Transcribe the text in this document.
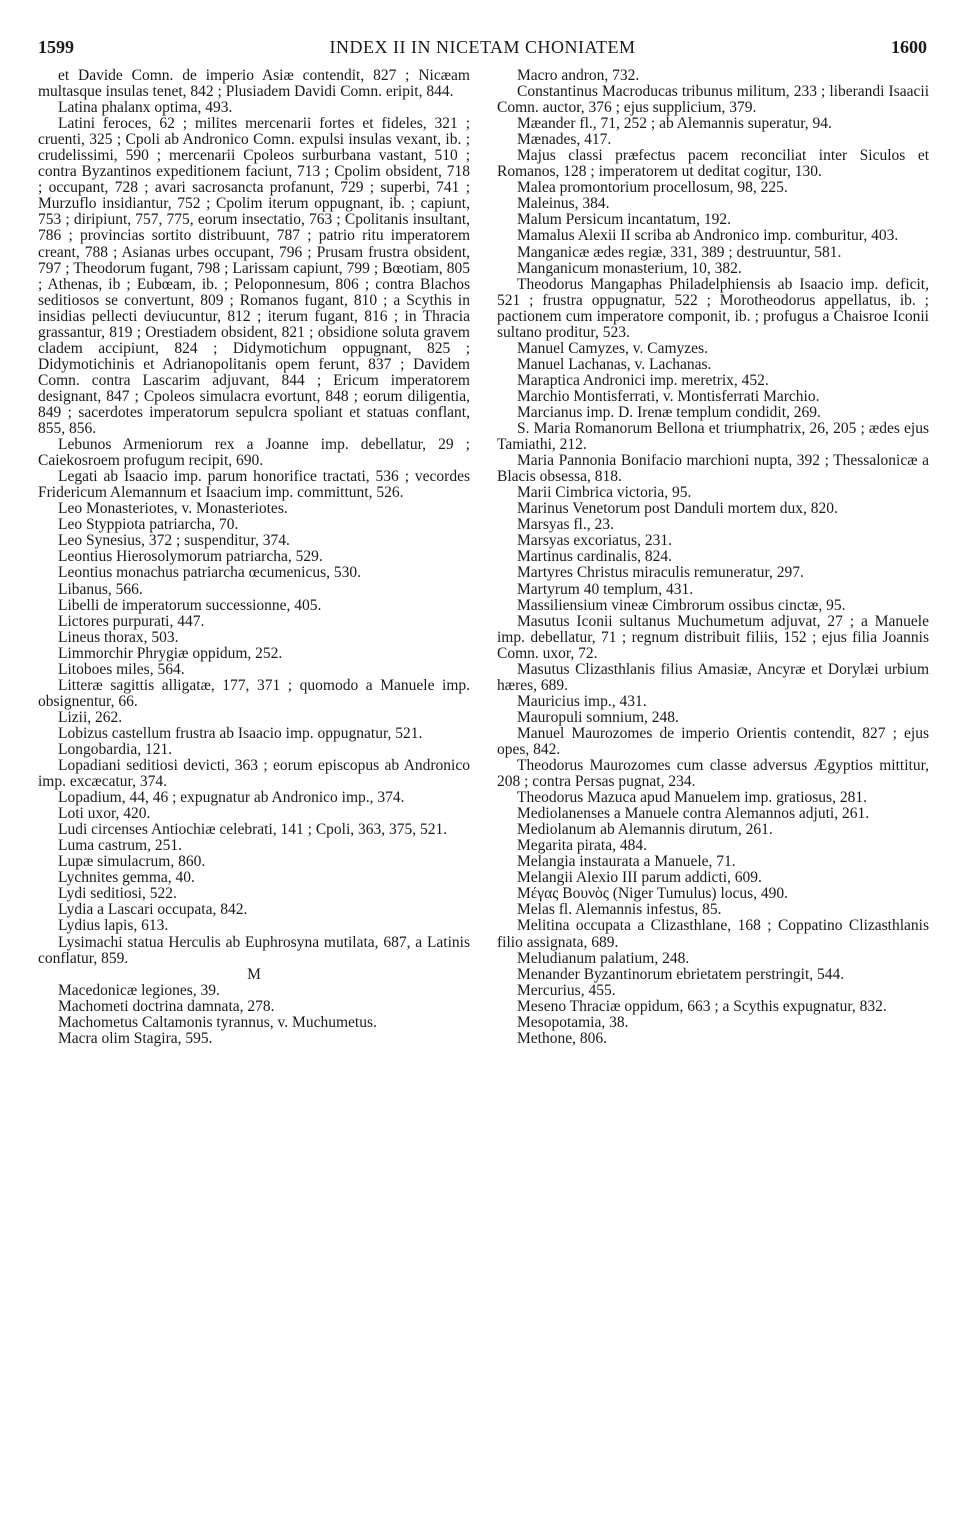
1599	INDEX II IN NICETAM CHONIATEM	1600

et Davide Comn. de imperio Asiæ contendit, 827 ; Nicæam multasque insulas tenet, 842 ; Plusiadem Davidi Comn. eripit, 844.

Latina phalanx optima, 493.

Latini feroces, 62 ; milites mercenarii fortes et fideles, 321 ; cruenti, 325 ; Cpoli ab Andronico Comn. expulsi insulas vexant, ib. ; crudelissimi, 590 ; mercenarii Cpoleos surburbana vastant, 510 ; contra Byzantinos expeditionem faciunt, 713 ; Cpolim obsident, 718 ; occupant, 728 ; avari sacrosancta profanunt, 729 ; superbi, 741 ; Murzuflo insidiantur, 752 ; Cpolim iterum oppugnant, ib. ; capiunt, 753 ; diripiunt, 757, 775, eorum insectatio, 763 ; Cpolitanis insultant, 786 ; provincias sortito distribuunt, 787 ; patrio ritu imperatorem creant, 788 ; Asianas urbes occupant, 796 ; Prusam frustra obsident, 797 ; Theodorum fugant, 798 ; Larissam capiunt, 799 ; Bœotiam, 805 ; Athenas, ib ; Eubœam, ib. ; Peloponnesum, 806 ; contra Blachos seditiosos se convertunt, 809 ; Romanos fugant, 810 ; a Scythis in insidias pellecti deviucuntur, 812 ; iterum fugant, 816 ; in Thracia grassantur, 819 ; Orestiadem obsident, 821 ; obsidione soluta gravem cladem accipiunt, 824 ; Didymotichum oppugnant, 825 ; Didymotichinis et Adrianopolitanis opem ferunt, 837 ; Davidem Comn. contra Lascarim adjuvant, 844 ; Ericum imperatorem designant, 847 ; Cpoleos simulacra evortunt, 848 ; eorum diligentia, 849 ; sacerdotes imperatorum sepulcra spoliant et statuas conflant, 855, 856.

Lebunos Armeniorum rex a Joanne imp. debellatur, 29 ; Caiekosroem profugum recipit, 690.

Legati ab Isaacio imp. parum honorifice tractati, 536 ; vecordes Fridericum Alemannum et Isaacium imp. committunt, 526.

Leo Monasteriotes, v. Monasteriotes.

Leo Styppiota patriarcha, 70.

Leo Synesius, 372 ; suspenditur, 374.

Leontius Hierosolymorum patriarcha, 529.

Leontius monachus patriarcha œcumenicus, 530.

Libanus, 566.

Libelli de imperatorum successionne, 405.

Lictores purpurati, 447.

Lineus thorax, 503.

Limmorchir Phrygiæ oppidum, 252.

Litoboes miles, 564.

Litteræ sagittis alligatæ, 177, 371 ; quomodo a Manuele imp. obsignentur, 66.

Lizii, 262.

Lobizus castellum frustra ab Isaacio imp. oppugnatur, 521.

Longobardia, 121.

Lopadiani seditiosi devicti, 363 ; eorum episcopus ab Andronico imp. excæcatur, 374.

Lopadium, 44, 46 ; expugnatur ab Andronico imp., 374.

Loti uxor, 420.

Ludi circenses Antiochiæ celebrati, 141 ; Cpoli, 363, 375, 521.

Luma castrum, 251.

Lupæ simulacrum, 860.

Lychnites gemma, 40.

Lydi seditiosi, 522.

Lydia a Lascari occupata, 842.

Lydius lapis, 613.

Lysimachi statua Herculis ab Euphrosyna mutilata, 687, a Latinis conflatur, 859.

M

Macedonicæ legiones, 39.

Machometi doctrina damnata, 278.

Machometus Caltamonis tyrannus, v. Muchumetus.

Macra olim Stagira, 595.

Macro andron, 732.

Constantinus Macroducas tribunus militum, 233 ; liberandi Isaacii Comn. auctor, 376 ; ejus supplicium, 379.

Mæander fl., 71, 252 ; ab Alemannis superatur, 94.

Mænades, 417.

Majus classi præfectus pacem reconciliat inter Siculos et Romanos, 128 ; imperatorem ut deditat cogitur, 130.

Malea promontorium procellosum, 98, 225.

Maleinus, 384.

Malum Persicum incantatum, 192.

Mamalus Alexii II scriba ab Andronico imp. comburitur, 403.

Manganicæ ædes regiæ, 331, 389 ; destruuntur, 581.

Manganicum monasterium, 10, 382.

Theodorus Mangaphas Philadelphiensis ab Isaacio imp. deficit, 521 ; frustra oppugnatur, 522 ; Morotheodorus appellatus, ib. ; pactionem cum imperatore componit, ib. ; profugus a Chaisroe Iconii sultano proditur, 523.

Manuel Camyzes, v. Camyzes.

Manuel Lachanas, v. Lachanas.

Maraptica Andronici imp. meretrix, 452.

Marchio Montisferrati, v. Montisferrati Marchio.

Marcianus imp. D. Irenæ templum condidit, 269.

S. Maria Romanorum Bellona et triumphatrix, 26, 205 ; ædes ejus Tamiathi, 212.

Maria Pannonia Bonifacio marchioni nupta, 392 ; Thessalonicæ a Blacis obsessa, 818.

Marii Cimbrica victoria, 95.

Marinus Venetorum post Danduli mortem dux, 820.

Marsyas fl., 23.

Marsyas excoriatus, 231.

Martinus cardinalis, 824.

Martyres Christus miraculis remuneratur, 297.

Martyrum 40 templum, 431.

Massiliensium vineæ Cimbrorum ossibus cinctæ, 95.

Masutus Iconii sultanus Muchumetum adjuvat, 27 ; a Manuele imp. debellatur, 71 ; regnum distribuit filiis, 152 ; ejus filia Joannis Comn. uxor, 72.

Masutus Clizasthlanis filius Amasiæ, Ancyræ et Dorylæi urbium hæres, 689.

Mauricius imp., 431.

Mauropuli somnium, 248.

Manuel Maurozomes de imperio Orientis contendit, 827 ; ejus opes, 842.

Theodorus Maurozomes cum classe adversus Ægyptios mittitur, 208 ; contra Persas pugnat, 234.

Theodorus Mazuca apud Manuelem imp. gratiosus, 281.

Mediolanenses a Manuele contra Alemannos adjuti, 261.

Mediolanum ab Alemannis dirutum, 261.

Megarita pirata, 484.

Melangia instaurata a Manuele, 71.

Melangii Alexio III parum addicti, 609.

Μέγας Βουνὸς (Niger Tumulus) locus, 490.

Melas fl. Alemannis infestus, 85.

Melitina occupata a Clizasthlane, 168 ; Coppatino Clizasthlanis filio assignata, 689.

Meludianum palatium, 248.

Menander Byzantinorum ebrietatem perstringit, 544.

Mercurius, 455.

Meseno Thraciæ oppidum, 663 ; a Scythis expugnatur, 832.

Mesopotamia, 38.

Methone, 806.
